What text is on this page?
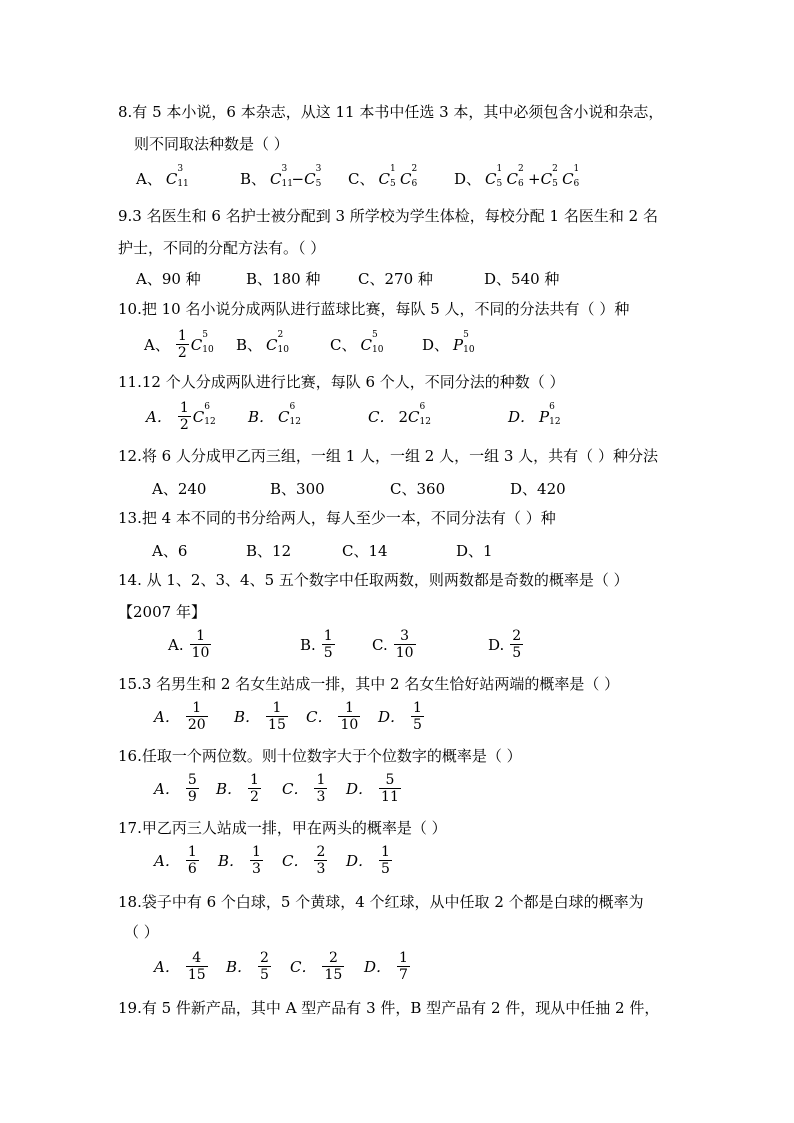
8.有 5 本小说，6 本杂志，从这 11 本书中任选 3 本，其中必须包含小说和杂志，
则不同取法种数是（ ）
A、 C
3
11	B、 C
3
11
− C
3
5 C、 C
1
5 C
2
6 D、 C
1
5 C
2
6 + C
2
5 C
1
6
9.3 名医生和 6 名护士被分配到 3 所学校为学生体检，每校分配 1 名医生和 2 名
护士，不同的分配方法有。（ ）
A、90 种	B、180 种	C、270 种	D、540 种
10.把 10 名小说分成两队进行蓝球比赛，每队 5 人，不同的分法共有（ ）种
A、 $\frac{1}{2}$ C
5
10 B、 C
2
10	C、 C
5
10	D、 P
5
10
11.12 个人分成两队进行比赛，每队 6 个人，不同分法的种数（ ）
A． $\frac{1}{2}$ C
6
12 B． C
6
12	C． 2 C
6
12	D． P
6
12
12.将 6 人分成甲乙丙三组，一组 1 人，一组 2 人，一组 3 人，共有（ ）种分法
A、240	B、300	C、360	D、420
13.把 4 本不同的书分给两人，每人至少一本，不同分法有（ ）种
A、6	B、12	C、14	D、1
14. 从 1、2、3、4、5 五个数字中任取两数，则两数都是奇数的概率是（ ）
【2007 年】
A. $\frac{1}{10}$	B. $\frac{1}{5} C$. $\frac{3}{10}$	D. $\frac{2}{5}$
15.3 名男生和 2 名女生站成一排，其中 2 名女生恰好站两端的概率是（ ）
A． $\frac{1}{20}$ B． $\frac{1}{15}$ C． $\frac{1}{10}$ D． $\frac{1}{5}$
16.任取一个两位数。则十位数字大于个位数字的概率是（ ）
A． $\frac{5}{9}$ B． $\frac{1}{2}$ C． $\frac{1}{3}$ D． $\frac{5}{11}$
17.甲乙丙三人站成一排，甲在两头的概率是（ ）
A． $\frac{1}{6}$ B． $\frac{1}{3}$ C． $\frac{2}{3}$ D． $\frac{1}{5}$
18.袋子中有 6 个白球，5 个黄球，4 个红球，从中任取 2 个都是白球的概率为
（ ）
A． $\frac{4}{15}$ B． $\frac{2}{5}$ C． $\frac{2}{15}$ D． $\frac{1}{7}$
19.有 5 件新产品，其中 A 型产品有 3 件，B 型产品有 2 件，现从中任抽 2 件，
